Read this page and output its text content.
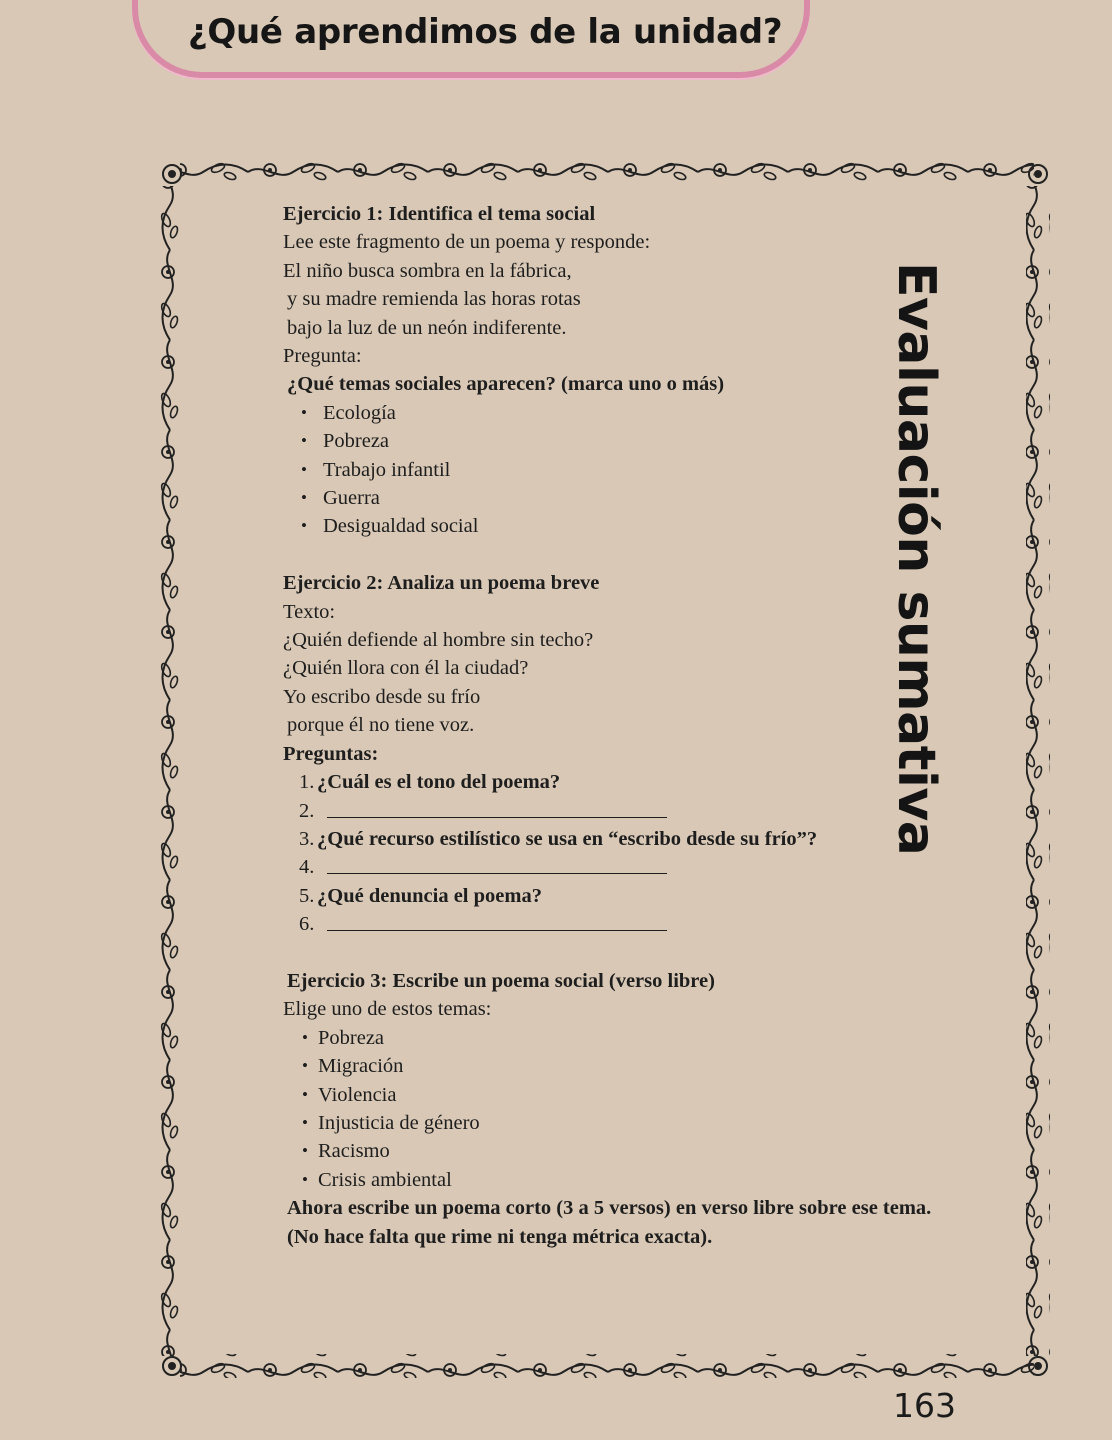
¿Qué aprendimos de la unidad?
Evaluación sumativa

Ejercicio 1: Identifica el tema social

Lee este fragmento de un poema y responde:

El niño busca sombra en la fábrica,

y su madre remienda las horas rotas

bajo la luz de un neón indiferente.

Pregunta:

¿Qué temas sociales aparecen? (marca uno o más)

• Ecología
• Pobreza
• Trabajo infantil
• Guerra
• Desigualdad social

Ejercicio 2: Analiza un poema breve

Texto:

¿Quién defiende al hombre sin techo?

¿Quién llora con él la ciudad?

Yo escribo desde su frío

porque él no tiene voz.

Preguntas:

1. ¿Cuál es el tono del poema?
2.
3. ¿Qué recurso estilístico se usa en “escribo desde su frío”?
4.
5. ¿Qué denuncia el poema?
6.

Ejercicio 3: Escribe un poema social (verso libre)

Elige uno de estos temas:

• Pobreza
• Migración
• Violencia
• Injusticia de género
• Racismo
• Crisis ambiental

Ahora escribe un poema corto (3 a 5 versos) en verso libre sobre ese tema.

(No hace falta que rime ni tenga métrica exacta).

163
